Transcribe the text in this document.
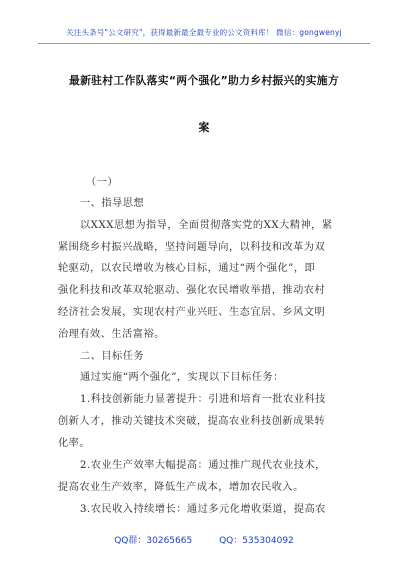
关注头条号"公文研究"，获得最新最全最专业的公文资料库！ 微信：gongwenyj
最新驻村工作队落实“两个强化”助力乡村振兴的实施方
案
（一）
一、指导思想
以XXX思想为指导，全面贯彻落实党的XX大精神，紧
紧围绕乡村振兴战略，坚持问题导向，以科技和改革为双
轮驱动，以农民增收为核心目标，通过“两个强化”，即
强化科技和改革双轮驱动、强化农民增收举措，推动农村
经济社会发展，实现农村产业兴旺、生态宜居、乡风文明
治理有效、生活富裕。
二、目标任务
通过实施“两个强化”，实现以下目标任务：
1.科技创新能力显著提升：引进和培育一批农业科技
创新人才，推动关键技术突破，提高农业科技创新成果转
化率。
2.农业生产效率大幅提高：通过推广现代农业技术，
提高农业生产效率，降低生产成本，增加农民收入。
3.农民收入持续增长：通过多元化增收渠道，提高农
QQ群：30265665	QQ：535304092
